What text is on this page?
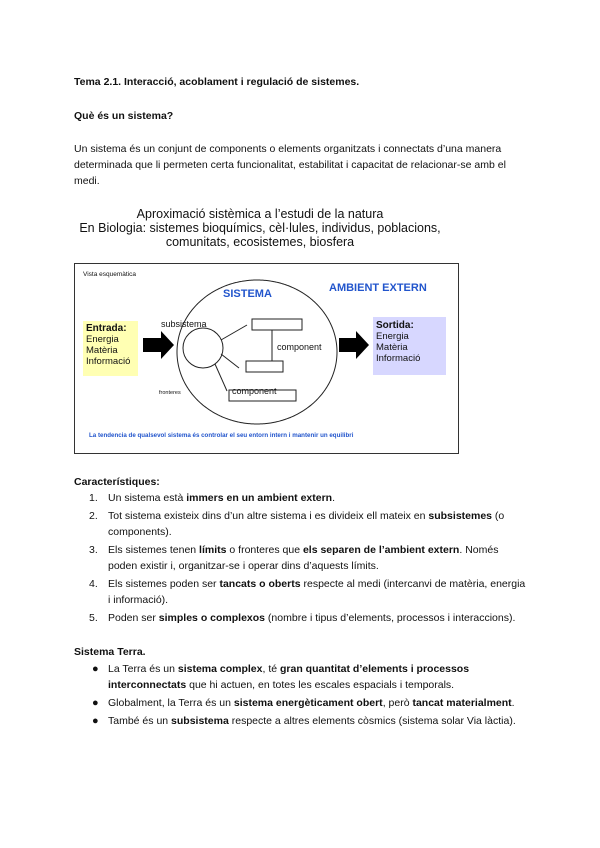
Tema 2.1. Interacció, acoblament i regulació de sistemes.
Què és un sistema?
Un sistema és un conjunt de components o elements organitzats i connectats d’una manera determinada que li permeten certa funcionalitat, estabilitat i capacitat de relacionar-se amb el medi.
Aproximació sistèmica a l’estudi de la natura
En Biologia: sistemes bioquímics, cèl·lules, individus, poblacions,
comunitats, ecosistemes, biosfera
Vista esquemàtica
Entrada:
Energia
Matèria
Informació
Sortida:
Energia
Matèria
Informació
SISTEMA	AMBIENT EXTERN
subsistema
component
component
fronteres
La tendencia de qualsevol sistema és controlar el seu entorn intern i mantenir un equilibri
Característiques:
1. Un sistema està immers en un ambient extern.
2. Tot sistema existeix dins d’un altre sistema i es divideix ell mateix en subsistemes (o components).
3. Els sistemes tenen límits o fronteres que els separen de l’ambient extern. Només poden existir i, organitzar-se i operar dins d’aquests límits.
4. Els sistemes poden ser tancats o oberts respecte al medi (intercanvi de matèria, energia i informació).
5. Poden ser simples o complexos (nombre i tipus d’elements, processos i interaccions).
Sistema Terra.
● La Terra és un sistema complex, té gran quantitat d’elements i processos interconnectats que hi actuen, en totes les escales espacials i temporals.
● Globalment, la Terra és un sistema energèticament obert, però tancat materialment.
● També és un subsistema respecte a altres elements còsmics (sistema solar Via làctia).
